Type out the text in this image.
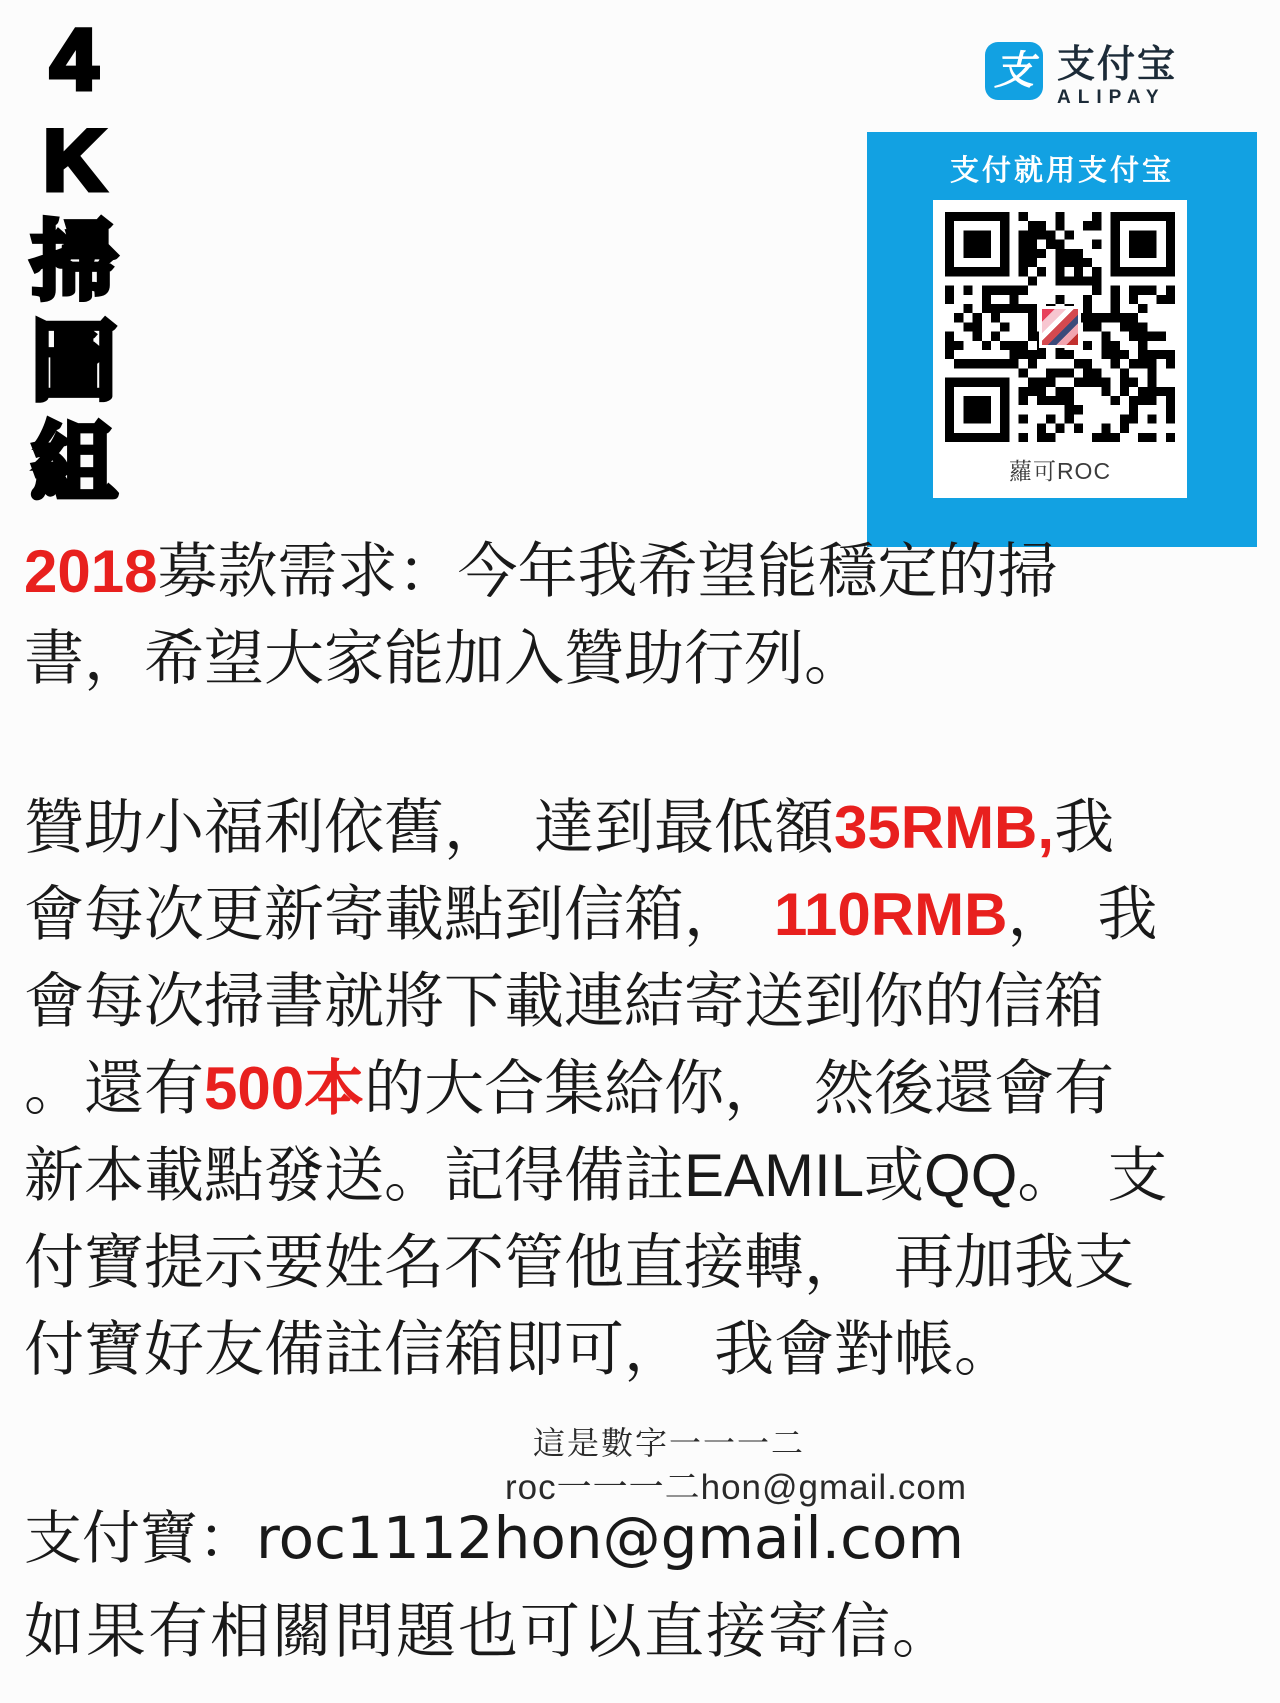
4
K
掃
圖
組
支 支付宝
ALIPAY
支付就用支付宝
蘿可ROC
2018募款需求：今年我希望能穩定的掃
書，希望大家能加入贊助行列。
贊助小福利依舊，　達到最低額35RMB,我
會每次更新寄載點到信箱，　110RMB，　我
會每次掃書就將下載連結寄送到你的信箱
。還有500本的大合集給你，　然後還會有
新本載點發送。記得備註EAMIL或QQ。　支
付寶提示要姓名不管他直接轉，　再加我支
付寶好友備註信箱即可，　我會對帳。
這是數字一一一二
roc一一一二hon@gmail.com
支付寶：roc1112hon@gmail.com
如果有相關問題也可以直接寄信。
